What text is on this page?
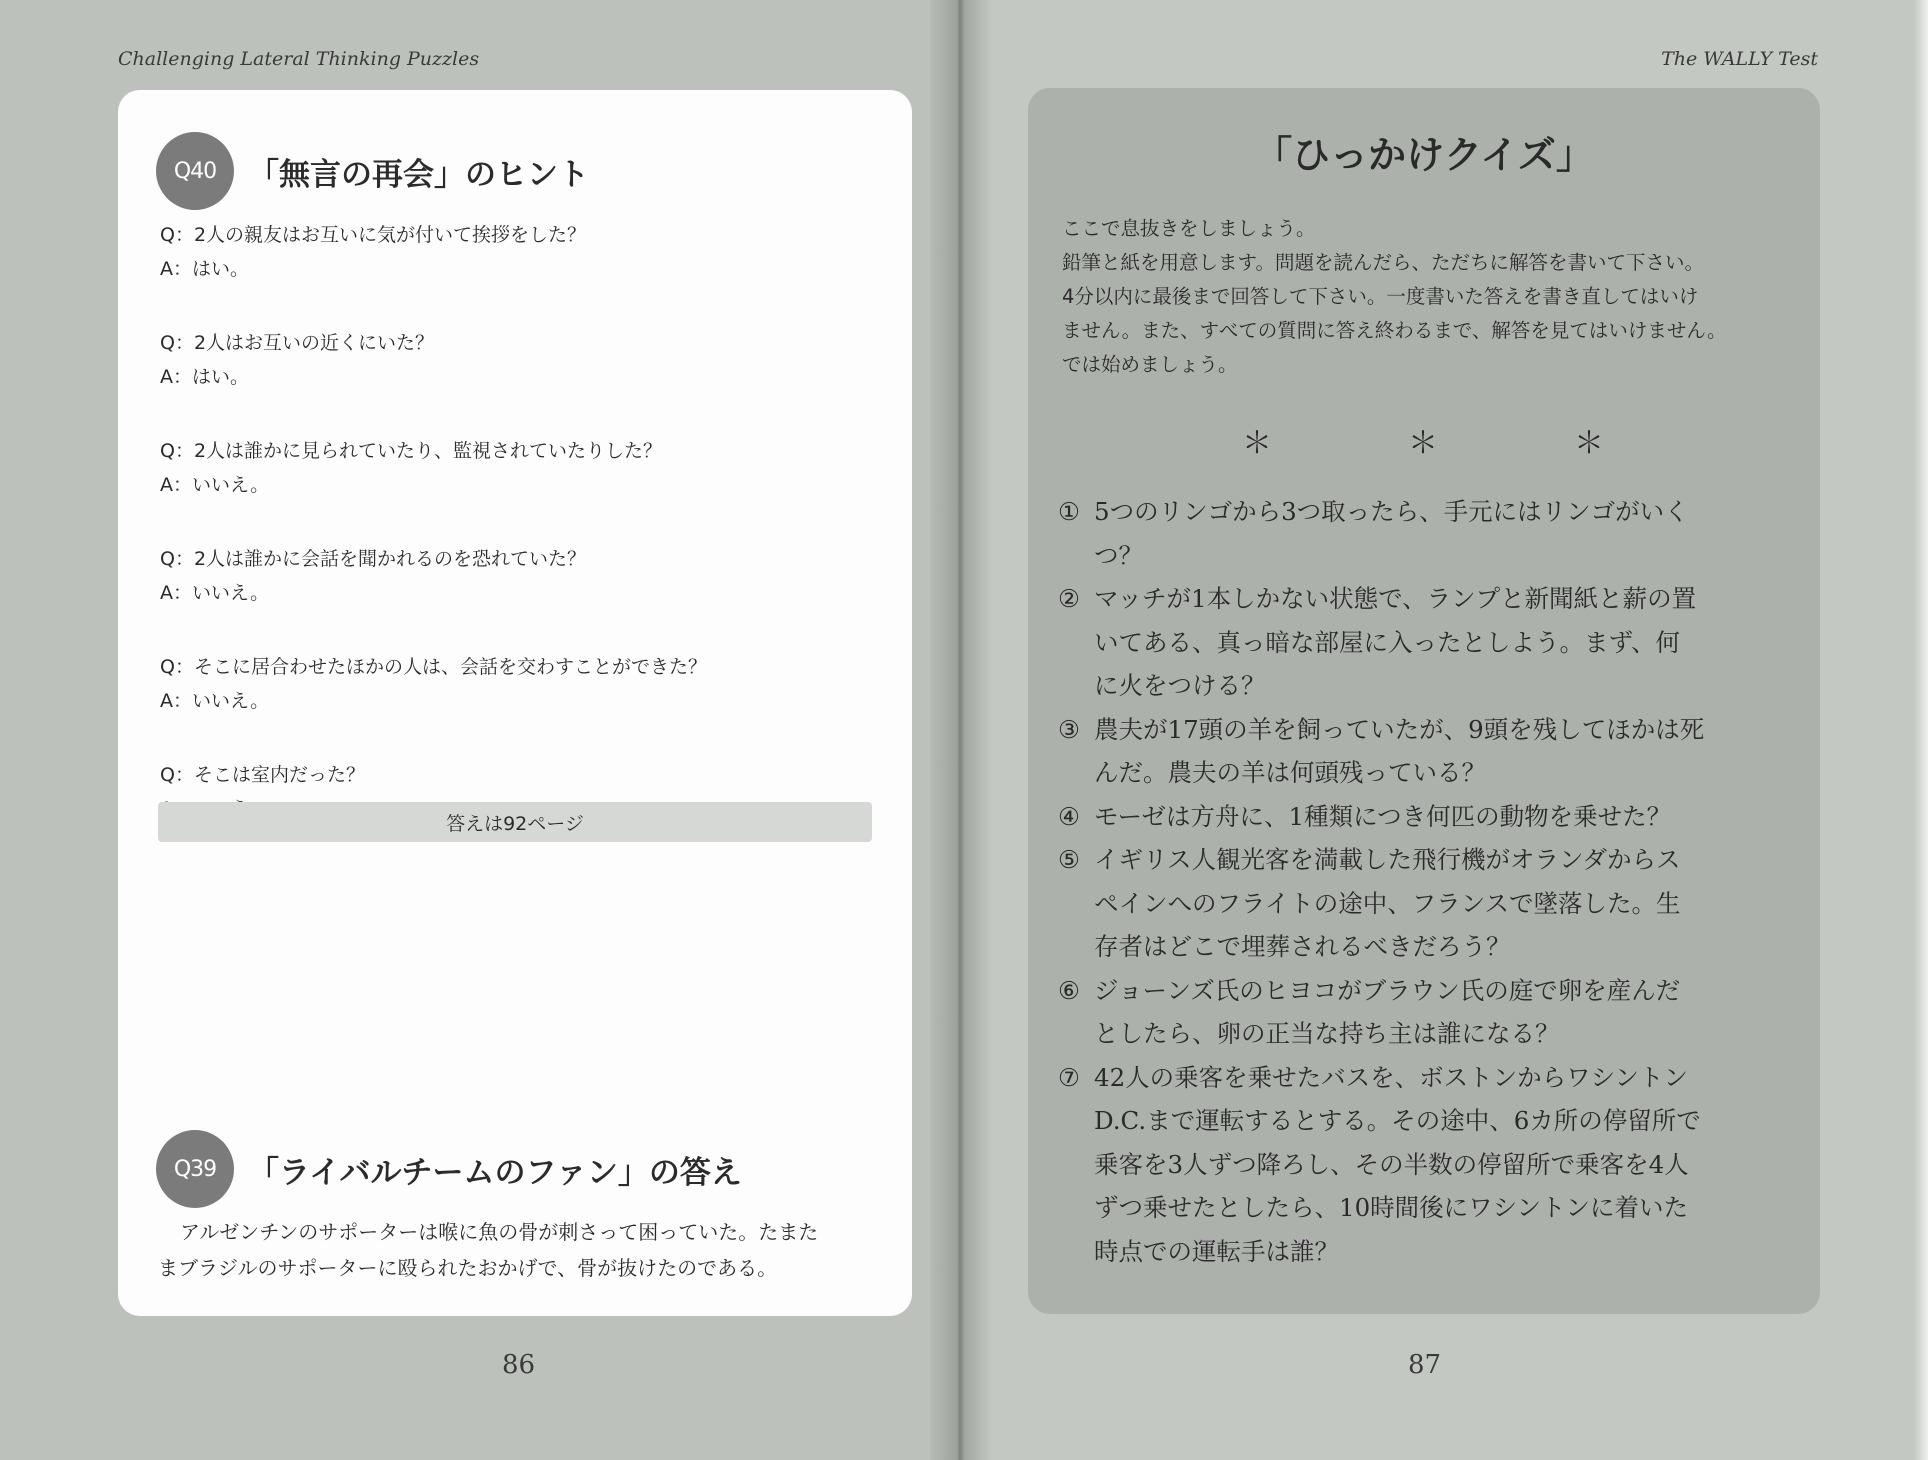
Challenging Lateral Thinking Puzzles
Q40	「無言の再会」のヒント
Q：2人の親友はお互いに気が付いて挨拶をした？
A：はい。
Q：2人はお互いの近くにいた？
A：はい。
Q：2人は誰かに見られていたり、監視されていたりした？
A：いいえ。
Q：2人は誰かに会話を聞かれるのを恐れていた？
A：いいえ。
Q：そこに居合わせたほかの人は、会話を交わすことができた？
A：いいえ。
Q：そこは室内だった？
答えは92ページ
Q39	「ライバルチームのファン」の答え
アルゼンチンのサポーターは喉に魚の骨が刺さって困っていた。たまた
まブラジルのサポーターに殴られたおかげで、骨が抜けたのである。
86
The WALLY Test
「ひっかけクイズ」
ここで息抜きをしましょう。
鉛筆と紙を用意します。問題を読んだら、ただちに解答を書いて下さい。
4分以内に最後まで回答して下さい。一度書いた答えを書き直してはいけ
ません。また、すべての質問に答え終わるまで、解答を見てはいけません。
では始めましょう。
＊	＊	＊
① 5つのリンゴから3つ取ったら、手元にはリンゴがいく
つ？
② マッチが1本しかない状態で、ランプと新聞紙と薪の置
いてある、真っ暗な部屋に入ったとしよう。まず、何
に火をつける？
③ 農夫が17頭の羊を飼っていたが、9頭を残してほかは死
んだ。農夫の羊は何頭残っている？
④ モーゼは方舟に、1種類につき何匹の動物を乗せた？
⑤ イギリス人観光客を満載した飛行機がオランダからス
ペインへのフライトの途中、フランスで墜落した。生
存者はどこで埋葬されるべきだろう？
⑥ ジョーンズ氏のヒヨコがブラウン氏の庭で卵を産んだ
としたら、卵の正当な持ち主は誰になる？
⑦ 42人の乗客を乗せたバスを、ボストンからワシントン
D.C.まで運転するとする。その途中、6カ所の停留所で
乗客を3人ずつ降ろし、その半数の停留所で乗客を4人
ずつ乗せたとしたら、10時間後にワシントンに着いた
時点での運転手は誰？
87
